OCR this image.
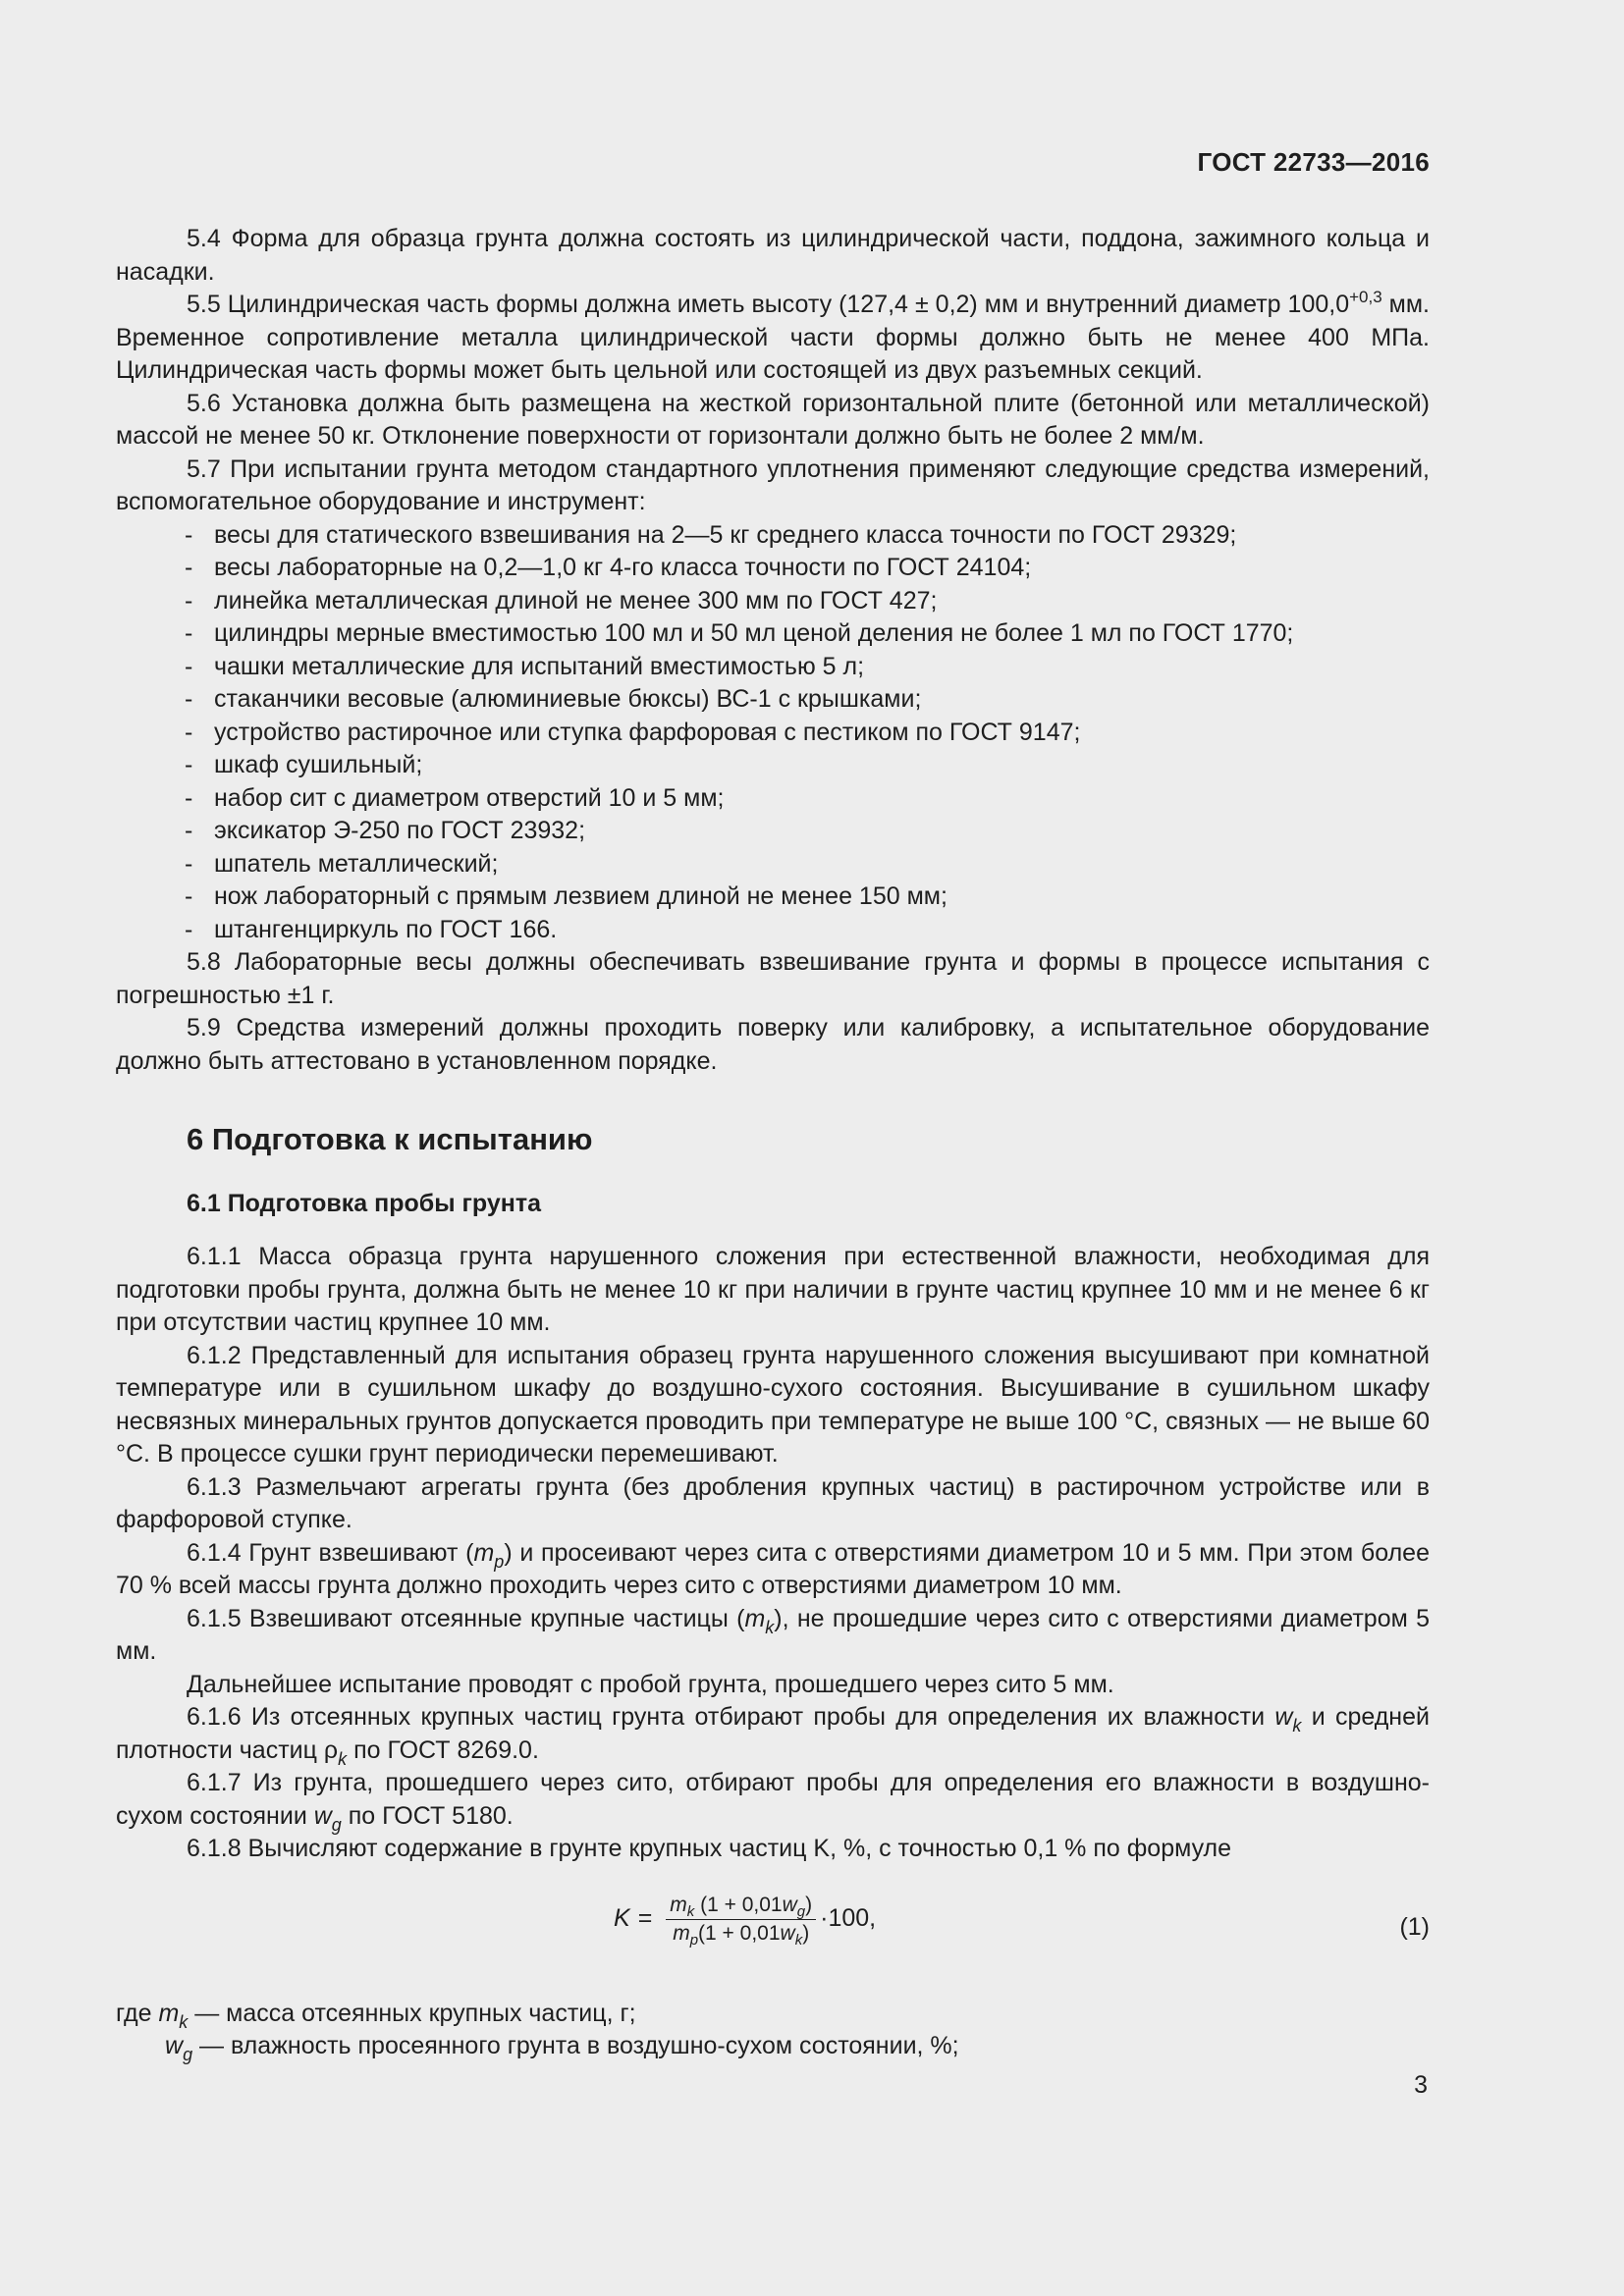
ГОСТ 22733—2016

5.4 Форма для образца грунта должна состоять из цилиндрической части, поддона, зажимного кольца и насадки.

5.5 Цилиндрическая часть формы должна иметь высоту (127,4 ± 0,2) мм и внутренний диаметр $100,0^{+0,3}$ мм. Временное сопротивление металла цилиндрической части формы должно быть не менее 400 МПа. Цилиндрическая часть формы может быть цельной или состоящей из двух разъемных секций.

5.6 Установка должна быть размещена на жесткой горизонтальной плите (бетонной или металлической) массой не менее 50 кг. Отклонение поверхности от горизонтали должно быть не более 2 мм/м.

5.7 При испытании грунта методом стандартного уплотнения применяют следующие средства измерений, вспомогательное оборудование и инструмент:

- весы для статического взвешивания на 2—5 кг среднего класса точности по ГОСТ 29329;
- весы лабораторные на 0,2—1,0 кг 4-го класса точности по ГОСТ 24104;
- линейка металлическая длиной не менее 300 мм по ГОСТ 427;
- цилиндры мерные вместимостью 100 мл и 50 мл ценой деления не более 1 мл по ГОСТ 1770;
- чашки металлические для испытаний вместимостью 5 л;
- стаканчики весовые (алюминиевые бюксы) ВС-1 с крышками;
- устройство растирочное или ступка фарфоровая с пестиком по ГОСТ 9147;
- шкаф сушильный;
- набор сит с диаметром отверстий 10 и 5 мм;
- эксикатор Э-250 по ГОСТ 23932;
- шпатель металлический;
- нож лабораторный с прямым лезвием длиной не менее 150 мм;
- штангенциркуль по ГОСТ 166.

5.8 Лабораторные весы должны обеспечивать взвешивание грунта и формы в процессе испытания с погрешностью ±1 г.

5.9 Средства измерений должны проходить поверку или калибровку, а испытательное оборудование должно быть аттестовано в установленном порядке.

6 Подготовка к испытанию
6.1 Подготовка пробы грунта

6.1.1 Масса образца грунта нарушенного сложения при естественной влажности, необходимая для подготовки пробы грунта, должна быть не менее 10 кг при наличии в грунте частиц крупнее 10 мм и не менее 6 кг при отсутствии частиц крупнее 10 мм.

6.1.2 Представленный для испытания образец грунта нарушенного сложения высушивают при комнатной температуре или в сушильном шкафу до воздушно-сухого состояния. Высушивание в сушильном шкафу несвязных минеральных грунтов допускается проводить при температуре не выше 100 °С, связных — не выше 60 °С. В процессе сушки грунт периодически перемешивают.

6.1.3 Размельчают агрегаты грунта (без дробления крупных частиц) в растирочном устройстве или в фарфоровой ступке.

6.1.4 Грунт взвешивают $(m_p)$ и просеивают через сита с отверстиями диаметром 10 и 5 мм. При этом более 70 % всей массы грунта должно проходить через сито с отверстиями диаметром 10 мм.

6.1.5 Взвешивают отсеянные крупные частицы $(m_k)$, не прошедшие через сито с отверстиями диаметром 5 мм.

Дальнейшее испытание проводят с пробой грунта, прошедшего через сито 5 мм.

6.1.6 Из отсеянных крупных частиц грунта отбирают пробы для определения их влажности $w_k$ и средней плотности частиц $\rho_k$ по ГОСТ 8269.0.

6.1.7 Из грунта, прошедшего через сито, отбирают пробы для определения его влажности в воздушно-сухом состоянии $w_g$ по ГОСТ 5180.

6.1.8 Вычисляют содержание в грунте крупных частиц K, %, с точностью 0,1 % по формуле

$K = \frac{m_k (1 + 0,01w_g)}{m_p(1 + 0,01w_k)} \cdot 100$,	(1)

где $m_k$ — масса отсеянных крупных частиц, г;

$w_g$ — влажность просеянного грунта в воздушно-сухом состоянии, %;

3
